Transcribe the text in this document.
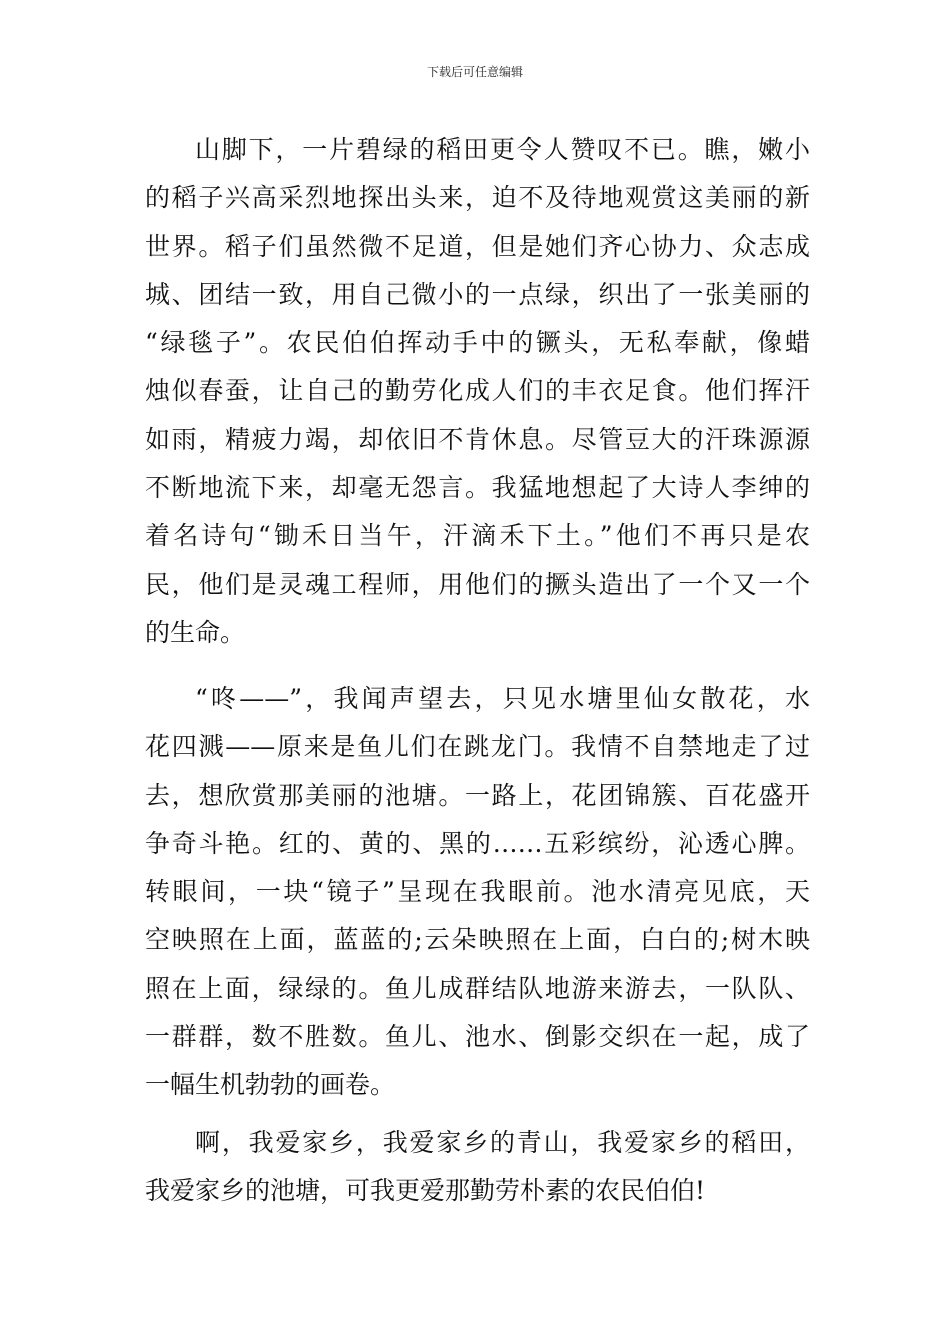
下载后可任意编辑
山脚下，一片碧绿的稻田更令人赞叹不已。瞧，嫩小
的稻子兴高采烈地探出头来，迫不及待地观赏这美丽的新
世界。稻子们虽然微不足道，但是她们齐心协力、众志成
城、团结一致，用自己微小的一点绿，织出了一张美丽的
“绿毯子”。农民伯伯挥动手中的镢头，无私奉献，像蜡
烛似春蚕，让自己的勤劳化成人们的丰衣足食。他们挥汗
如雨，精疲力竭，却依旧不肯休息。尽管豆大的汗珠源源
不断地流下来，却毫无怨言。我猛地想起了大诗人李绅的
着名诗句“锄禾日当午，汗滴禾下土。”他们不再只是农
民，他们是灵魂工程师，用他们的撅头造出了一个又一个
的生命。
“咚——”，我闻声望去，只见水塘里仙女散花，水
花四溅——原来是鱼儿们在跳龙门。我情不自禁地走了过
去，想欣赏那美丽的池塘。一路上，花团锦簇、百花盛开
争奇斗艳。红的、黄的、黑的……五彩缤纷，沁透心脾。
转眼间，一块“镜子”呈现在我眼前。池水清亮见底，天
空映照在上面，蓝蓝的;云朵映照在上面，白白的;树木映
照在上面，绿绿的。鱼儿成群结队地游来游去，一队队、
一群群，数不胜数。鱼儿、池水、倒影交织在一起，成了
一幅生机勃勃的画卷。
啊，我爱家乡，我爱家乡的青山，我爱家乡的稻田，
我爱家乡的池塘，可我更爱那勤劳朴素的农民伯伯!
